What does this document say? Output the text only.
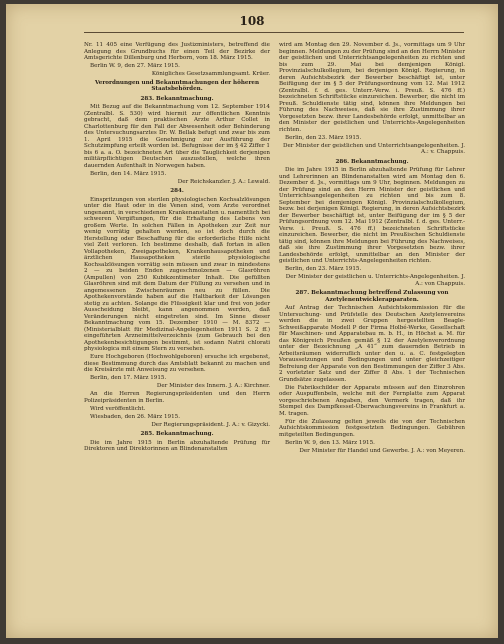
108

Nr. 11 405 eine Verfügung des Justizministers, betreffend die Anlegung des Grundbuchs für einen Teil der Bezirke der Amtsgerichte Dillenburg und Herborn, vom 18. März 1915.

Berlin W. 9, den 27. März 1915.

Königliches Gesetzsammlungsamt. Krüer.

Verordnungen und Bekanntmachungen der höheren Staatsbehörden.

283. Bekanntmachung.

Mit Bezug auf die Bekanntmachung vom 12. September 1914 (Zentralbl. S. 530) wird hiermit zur öffentlichen Kenntnis gebracht, daß dem praktischen Arzte Arthur Collet in Charlottenburg für den Fall der Abwesenheit oder Behinderung des Untersuchungsarztes Dr. W. Bellak befugt und zwar bis zum 1. April 1915 die Genehmigung zur Ausführung der Schutzimpfung erteilt worden ist. Befugnisse der im § 42 Ziffer 1 bis 6 a. a. O. bezeichneten Art über die Tauglichkeit derjenigen militärpflichtigen Deutschen auszustellen, welche ihren dauernden Aufenthalt in Norwegen haben.

Berlin, den 14. März 1915.

Der Reichskanzler. J. A.: Lewald.

284.

Einspritzungen von sterilen physiologischen Kochsalzlösungen unter die Haut oder in die Venen sind, vom Arzte verordnet ungenannt, in verschiedenen Krankenanstalten u. namentlich bei schweren Vergiftungen, für die Erhaltung des Lebens von großem Werte. In solchen Fällen in Apotheken zur Zeit nur wenig vorrätig gehalten werden, so ist doch durch die Herstellung oder Beschaffung für die erforderliche Hilfe nicht viel Zeit verloren. Ich bestimme deshalb, daß fortan in allen Vollapotheken, Zweigapotheken, Krankenhausapotheken und ärztlichen Hausapotheken sterile physiologische Kochsalzlösungen vorrätig sein müssen und zwar in mindestens 2 — zu beiden Enden zugeschmolzenen — Glasröhren (Ampullen) von 250 Kubikzentimeter Inhalt. Die gefüllten Glasröhren sind mit dem Datum der Füllung zu versehen und in angemessenen Zwischenräumen neu zu füllen. Die Apothekenvorstände haben auf die Haltbarkeit der Lösungen stetig zu achten. Solange die Flüssigkeit klar und frei von jeder Ausscheidung bleibt, kann angenommen werden, daß Veränderungen nicht eingetreten sind. Im Sinne dieser Bekanntmachung vom 15. Dezember 1910 — M. 8372 — (Ministerialblatt für Medizinal-Angelegenheiten 1911 S. 2 ff.) eingeführten Arzneimittelverzeichnis (zum Gebrauch bei den Apothekenbesichtigungen bestimmt, ist sodann Natrii chlorati physiologica mit einem Stern zu versehen.

Eure Hochgeboren (Hochwohlgeboren) ersuche ich ergebenst, diese Bestimmung durch das Amtsblatt bekannt zu machen und die Kreisärzte mit Anweisung zu versehen.

Berlin, den 17. März 1915.

Der Minister des Innern. J. A.: Kirchner.

An die Herren Regierungspräsidenten und den Herrn Polizeipräsidenten in Berlin.

Wird veröffentlicht.

Wiesbaden, den 26. März 1915.

Der Regierungspräsident. J. A.: v. Gizycki.

285. Bekanntmachung.

Die im Jahre 1915 in Berlin abzuhaltende Prüfung für Direktoren und Direktorinnen an Blindenanstalten

wird am Montag den 29. November d. Js., vormittags um 9 Uhr beginnen. Meldungen zu der Prüfung sind an den Herrn Minister der geistlichen und Unterrichtsangelegenheiten zu richten und bis zum 29. Mai bei demjenigen Königl. Provinzialschulkollegium, bei derjenigen Königl. Regierung, in deren Aufsichtsbezirk der Bewerber beschäftigt ist, unter Beifügung der im § 5 der Prüfungsordnung vom 12. Mai 1912 (Zentralbl. f. d. ges. Unterr.-Verw. i. Preuß. S. 476 ff.) bezeichneten Schriftstücke einzureichen. Bewerber, die nicht im Preuß. Schuldienste tätig sind, können ihre Meldungen bei Führung des Nachweises, daß sie ihre Zustimmung ihrer Vorgesetzten bezw. ihrer Landesbehörde erfolgt, unmittelbar an den Minister der geistlichen und Unterrichts-Angelegenheiten richten.

Berlin, den 23. März 1915.

Der Minister der geistlichen und Unterrichtsangelegenheiten. J. A.: v. Chappuis.

286. Bekanntmachung.

Die im Jahre 1915 in Berlin abzuhaltende Prüfung für Lehrer und Lehrerinnen an Blindenanstalten wird am Montag den 6. Dezember d. Js., vormittags um 9 Uhr, beginnen. Meldungen zu der Prüfung sind an den Herrn Minister der geistlichen und Unterrichtsangelegenheiten zu richten und bis zum 8. September bei demjenigen Königl. Provinzialschulkollegium, bezw. bei derjenigen Königl. Regierung, in deren Aufsichtsbezirk der Bewerber beschäftigt ist, unter Beifügung der im § 5 der Prüfungsordnung vom 12. Mai 1912 (Zentralbl. f. d. ges. Unterr.-Verw. i. Preuß. S. 476 ff.) bezeichneten Schriftstücke einzureichen. Bewerber, die nicht im Preußischen Schuldienste tätig sind, können ihre Meldungen bei Führung des Nachweises, daß sie ihre Zustimmung ihrer Vorgesetzten bezw. ihrer Landesbehörde erfolgt, unmittelbar an den Minister der geistlichen und Unterrichts-Angelegenheiten richten.

Berlin, den 23. März 1915.

Der Minister der geistlichen u. Unterrichts-Angelegenheiten. J. A.: von Chappuis.

287. Bekanntmachung betreffend Zulassung von Azetylenentwicklerapparaten.

Auf Antrag der Technischen Aufsichtskommission für die Untersuchung- und Prüfstelle des Deutschen Azetylenvereins werden die in zwei Gruppen hergestellten Beagle-Schweißapparate Modell P der Firma Holbé-Werke, Gesellschaft für Maschinen- und Apparatebau m. b. H., in Höchst a. M. für das Königreich Preußen gemäß § 12 der Azetylenverordnung unter der Bezeichnung „A 41“ zum dauernden Betrieb in Arbeitsräumen widerruflich unter den u. a. C. festgelegten Voraussetzungen und Bedingungen und unter gleichzeitiger Befreiung der Apparate von den Bestimmungen der Ziffer 3 Abs. 2 vorletzter Satz und der Ziffer 8 Abs. 1 der Technischen Grundsätze zugelassen.

Die Fabrikschilder der Apparate müssen auf den Einzrohren oder Auspuffenbeln, welche mit der Fernplatte zum Apparat vorgeschriebenen Angaben, den Vermerk tragen, daß ihr Stempel des Dampfkessel-Überwachungsvereins in Frankfurt a. M. tragen.

Für die Zulassung gelten jeweils die von der Technischen Aufsichtskommission festgesetzten Bedingungen. Gebühren mitgeteilten Bedingungen.

Berlin W. 9, den 13. März 1915.

Der Minister für Handel und Gewerbe. J. A.: von Meyeren.
